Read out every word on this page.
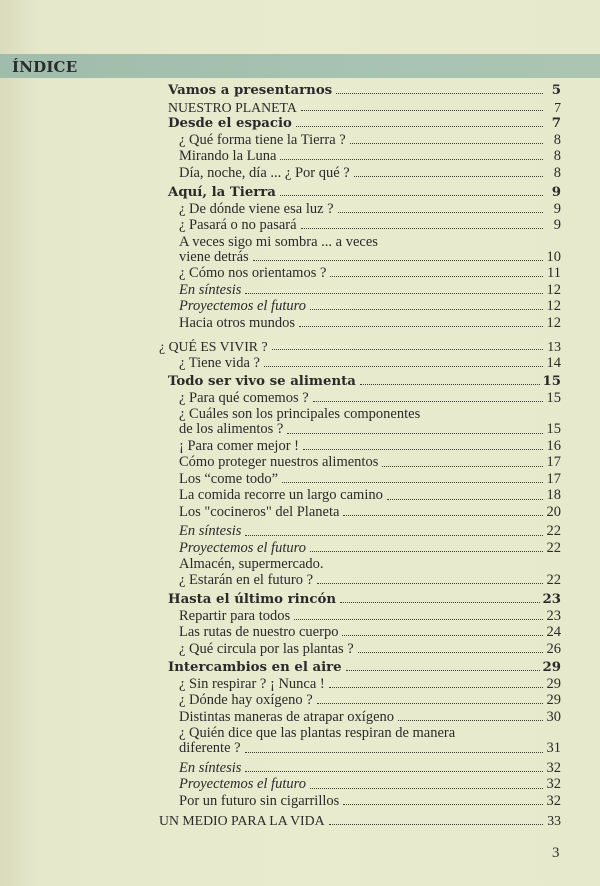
ÍNDICE
Vamos a presentarnos	5
NUESTRO PLANETA	7
Desde el espacio	7
¿ Qué forma tiene la Tierra ?	8
Mirando la Luna	8
Día, noche, día ... ¿ Por qué ?	8
Aquí, la Tierra	9
¿ De dónde viene esa luz ?	9
¿ Pasará o no pasará	9
A veces sigo mi sombra ... a veces
viene detrás	10
¿ Cómo nos orientamos ?	11
En síntesis	12
Proyectemos el futuro	12
Hacia otros mundos	12
¿ QUÉ ES VIVIR ?	13
¿ Tiene vida ?	14
Todo ser vivo se alimenta	15
¿ Para qué comemos ?	15
¿ Cuáles son los principales componentes
de los alimentos ?	15
¡ Para comer mejor !	16
Cómo proteger nuestros alimentos	17
Los “come todo”	17
La comida recorre un largo camino	18
Los "cocineros" del Planeta	20
En síntesis	22
Proyectemos el futuro	22
Almacén, supermercado.
¿ Estarán en el futuro ?	22
Hasta el último rincón	23
Repartir para todos	23
Las rutas de nuestro cuerpo	24
¿ Qué circula por las plantas ?	26
Intercambios en el aire	29
¿ Sin respirar ? ¡ Nunca !	29
¿ Dónde hay oxígeno ?	29
Distintas maneras de atrapar oxígeno	30
¿ Quién dice que las plantas respiran de manera
diferente ?	31
En síntesis	32
Proyectemos el futuro	32
Por un futuro sin cigarrillos	32
UN MEDIO PARA LA VIDA	33
3
